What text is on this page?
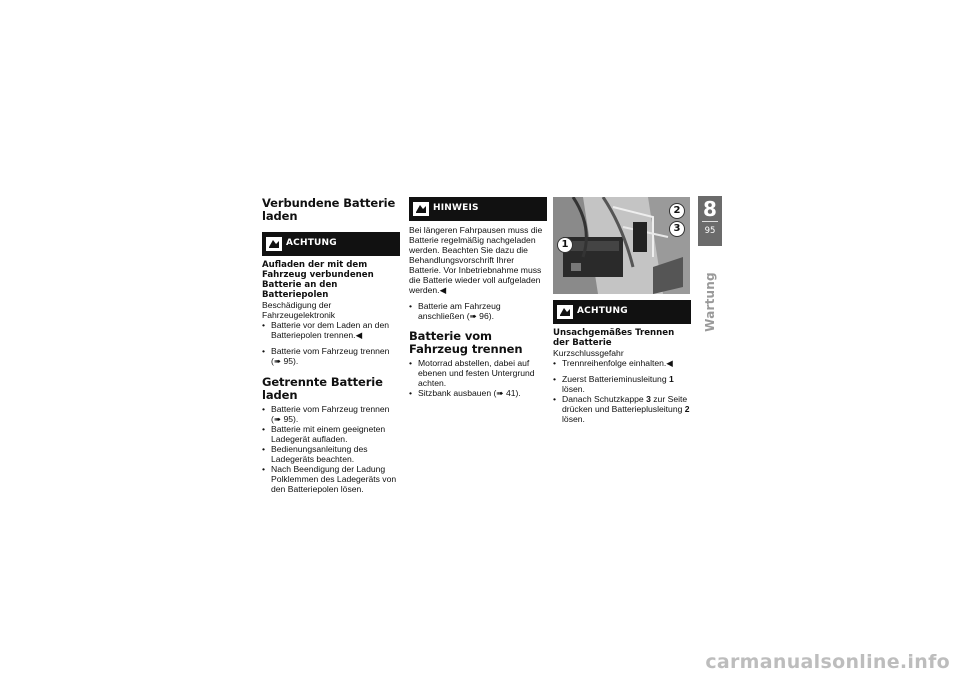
Verbundene Batterie laden
ACHTUNG

Aufladen der mit dem Fahrzeug verbundenen Batterie an den Batteriepolen

Beschädigung der Fahrzeugelektronik

• Batterie vor dem Laden an den Batteriepolen trennen.◀
• Batterie vom Fahrzeug trennen (➠ 95).
Getrennte Batterie laden
• Batterie vom Fahrzeug trennen (➠ 95).
• Batterie mit einem geeigneten Ladegerät aufladen.
• Bedienungsanleitung des Ladegeräts beachten.
• Nach Beendigung der Ladung Polklemmen des Ladegeräts von den Batteriepolen lösen.
HINWEIS

Bei längeren Fahrpausen muss die Batterie regelmäßig nachgeladen werden. Beachten Sie dazu die Behandlungsvorschrift Ihrer Batterie. Vor Inbetriebnahme muss die Batterie wieder voll aufgeladen werden.◀

• Batterie am Fahrzeug anschließen (➠ 96).
Batterie vom Fahrzeug trennen
• Motorrad abstellen, dabei auf ebenen und festen Untergrund achten.
• Sitzbank ausbauen (➠ 41).
1
2
3
ACHTUNG

Unsachgemäßes Trennen der Batterie

Kurzschlussgefahr

• Trennreihenfolge einhalten.◀
• Zuerst Batterieminusleitung 1 lösen.
• Danach Schutzkappe 3 zur Seite drücken und Batterieplusleitung 2 lösen.
8
95
Wartung
carmanualsonline.info
